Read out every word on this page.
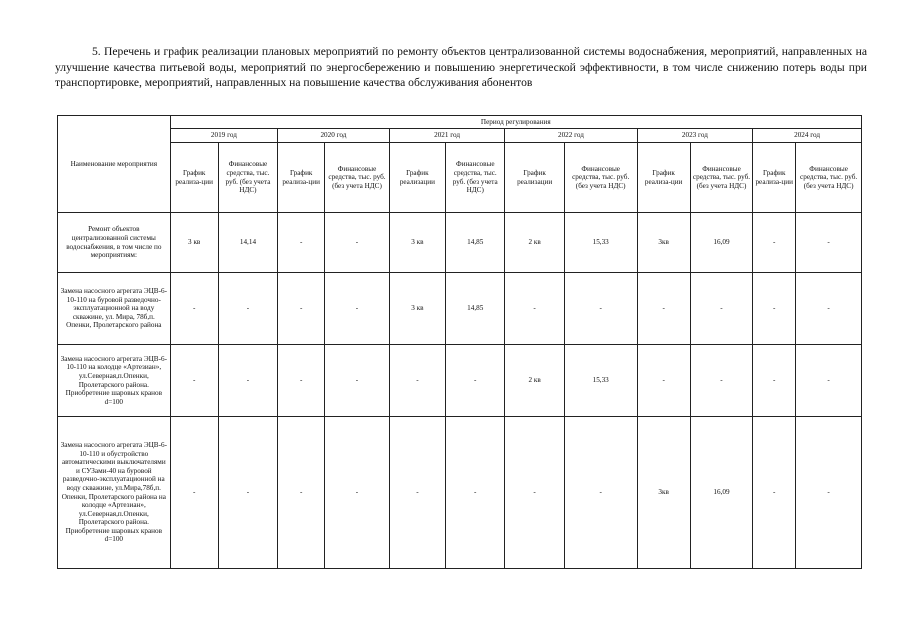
5. Перечень и график реализации плановых мероприятий по ремонту объектов централизованной системы водоснабжения, мероприятий, направленных на улучшение качества питьевой воды, мероприятий по энергосбережению и повышению энергетической эффективности, в том числе снижению потерь воды при транспортировке, мероприятий, направленных на повышение качества обслуживания абонентов

Наименование мероприятия	Период регулирования											
	2019 год		2020 год		2021 год		2022 год		2023 год		2024 год	
	График реализа-ции	Финансовые средства, тыс. руб. (без учета НДС)	График реализа-ции	Финансовые средства, тыс. руб. (без учета НДС)	График реализации	Финансовые средства, тыс. руб. (без учета НДС)	График реализации	Финансовые средства, тыс. руб. (без учета НДС)	График реализа-ции	Финансовые средства, тыс. руб. (без учета НДС)	График реализа-ции	Финансовые средства, тыс. руб. (без учета НДС)
Ремонт объектов централизованной системы водоснабжения, в том числе по мероприятиям:	3 кв	14,14	-	-	3 кв	14,85	2 кв	15,33	3кв	16,09	-	-
Замена насосного агрегата ЭЦВ-6-10-110 на буровой разведочно-эксплуатационной на воду скважине, ул. Мира, 78б,п. Опенки, Пролетарского района	-	-	-	-	3 кв	14,85	-	-	-	-	-	-
Замена насосного агрегата ЭЦВ-6-10-110 на колодце «Артезиан», ул.Северная,п.Опенки, Пролетарского района. Приобретение шаровых кранов d=100	-	-	-	-	-	-	2 кв	15,33	-	-	-	-
Замена насосного агрегата ЭЦВ-6-10-110 и обустройство автоматическими выключателями и СУЗами-40 на буровой разведочно-эксплуатационной на воду скважине, ул.Мира,78б,п. Опенки, Пролетарского района на колодце «Артезиан», ул.Северная,п.Опенки, Пролетарского района. Приобретение шаровых кранов d=100	-	-	-	-	-	-	-	-	3кв	16,09	-	-
